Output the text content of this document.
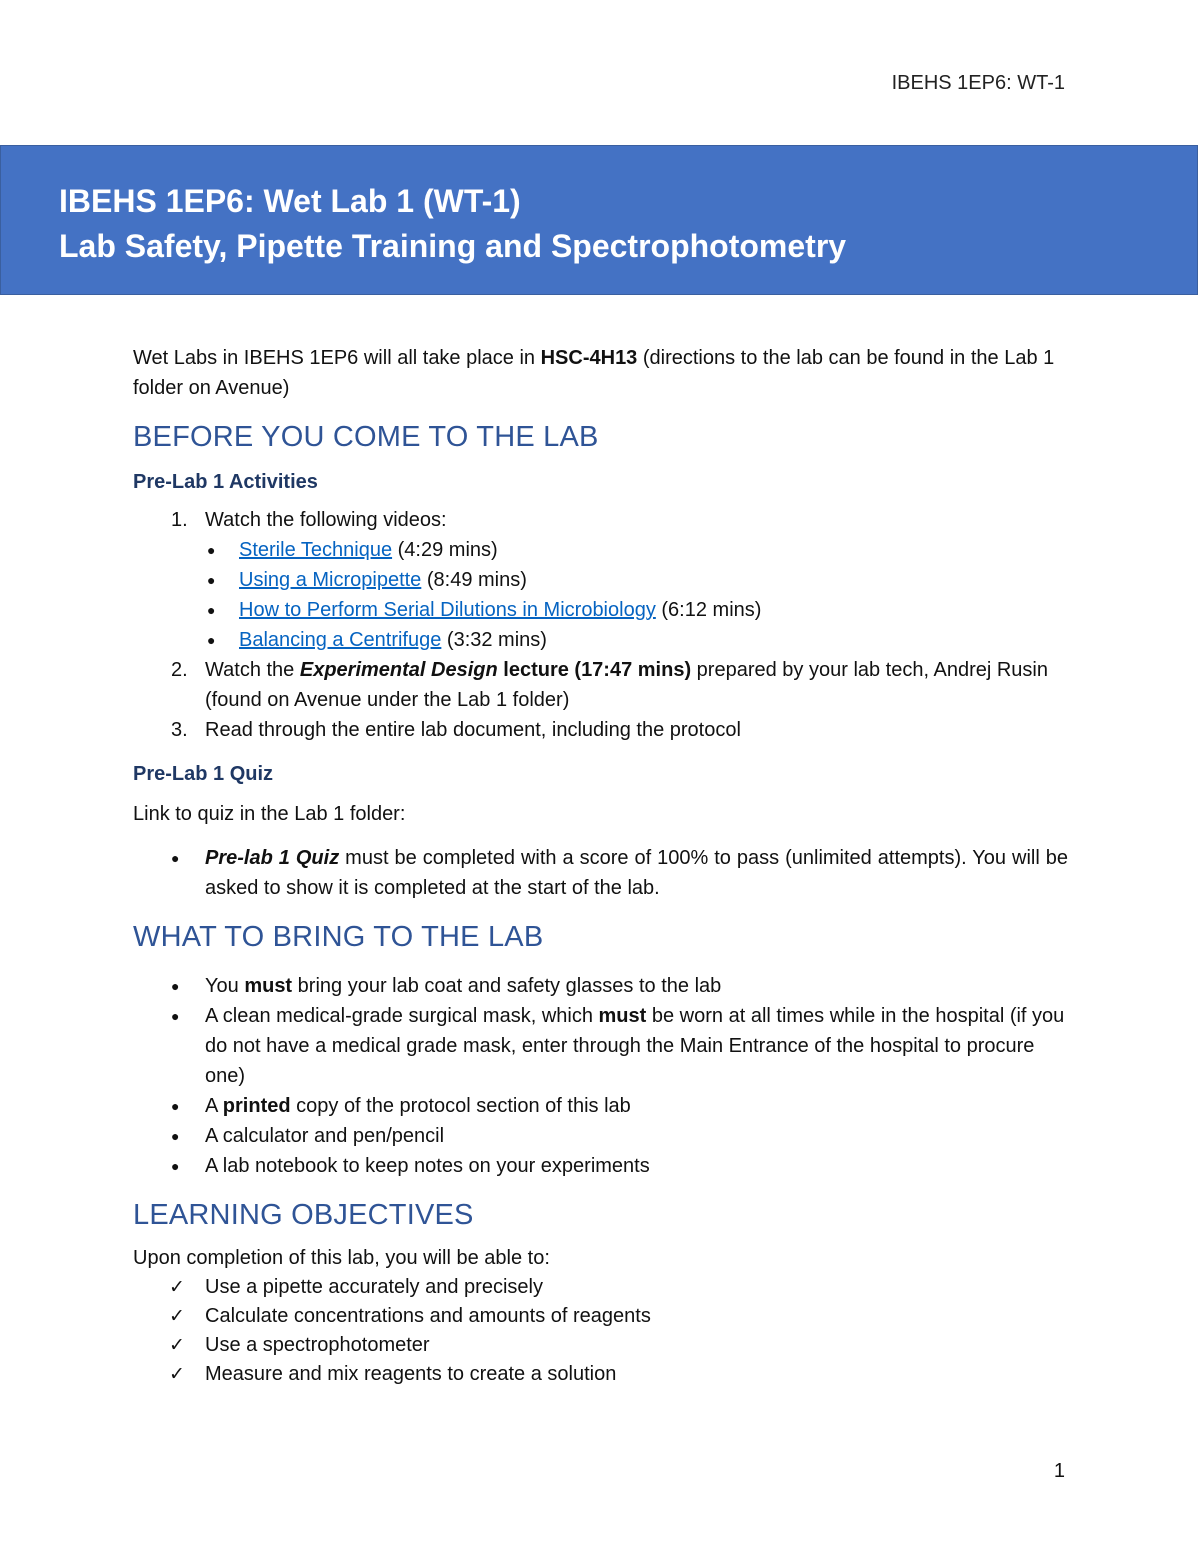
IBEHS 1EP6: WT-1
IBEHS 1EP6: Wet Lab 1 (WT-1)
Lab Safety, Pipette Training and Spectrophotometry

Wet Labs in IBEHS 1EP6 will all take place in HSC-4H13 (directions to the lab can be found in the Lab 1 folder on Avenue)

BEFORE YOU COME TO THE LAB
Pre-Lab 1 Activities
1. Watch the following videos:
● Sterile Technique (4:29 mins)
● Using a Micropipette (8:49 mins)
● How to Perform Serial Dilutions in Microbiology (6:12 mins)
● Balancing a Centrifuge (3:32 mins)
2. Watch the Experimental Design lecture (17:47 mins) prepared by your lab tech, Andrej Rusin (found on Avenue under the Lab 1 folder)
3. Read through the entire lab document, including the protocol
Pre-Lab 1 Quiz

Link to quiz in the Lab 1 folder:

● Pre-lab 1 Quiz must be completed with a score of 100% to pass (unlimited attempts). You will be asked to show it is completed at the start of the lab.
WHAT TO BRING TO THE LAB
● You must bring your lab coat and safety glasses to the lab
● A clean medical-grade surgical mask, which must be worn at all times while in the hospital (if you do not have a medical grade mask, enter through the Main Entrance of the hospital to procure one)
● A printed copy of the protocol section of this lab
● A calculator and pen/pencil
● A lab notebook to keep notes on your experiments
LEARNING OBJECTIVES

Upon completion of this lab, you will be able to:

✓ Use a pipette accurately and precisely
✓ Calculate concentrations and amounts of reagents
✓ Use a spectrophotometer
✓ Measure and mix reagents to create a solution
1
